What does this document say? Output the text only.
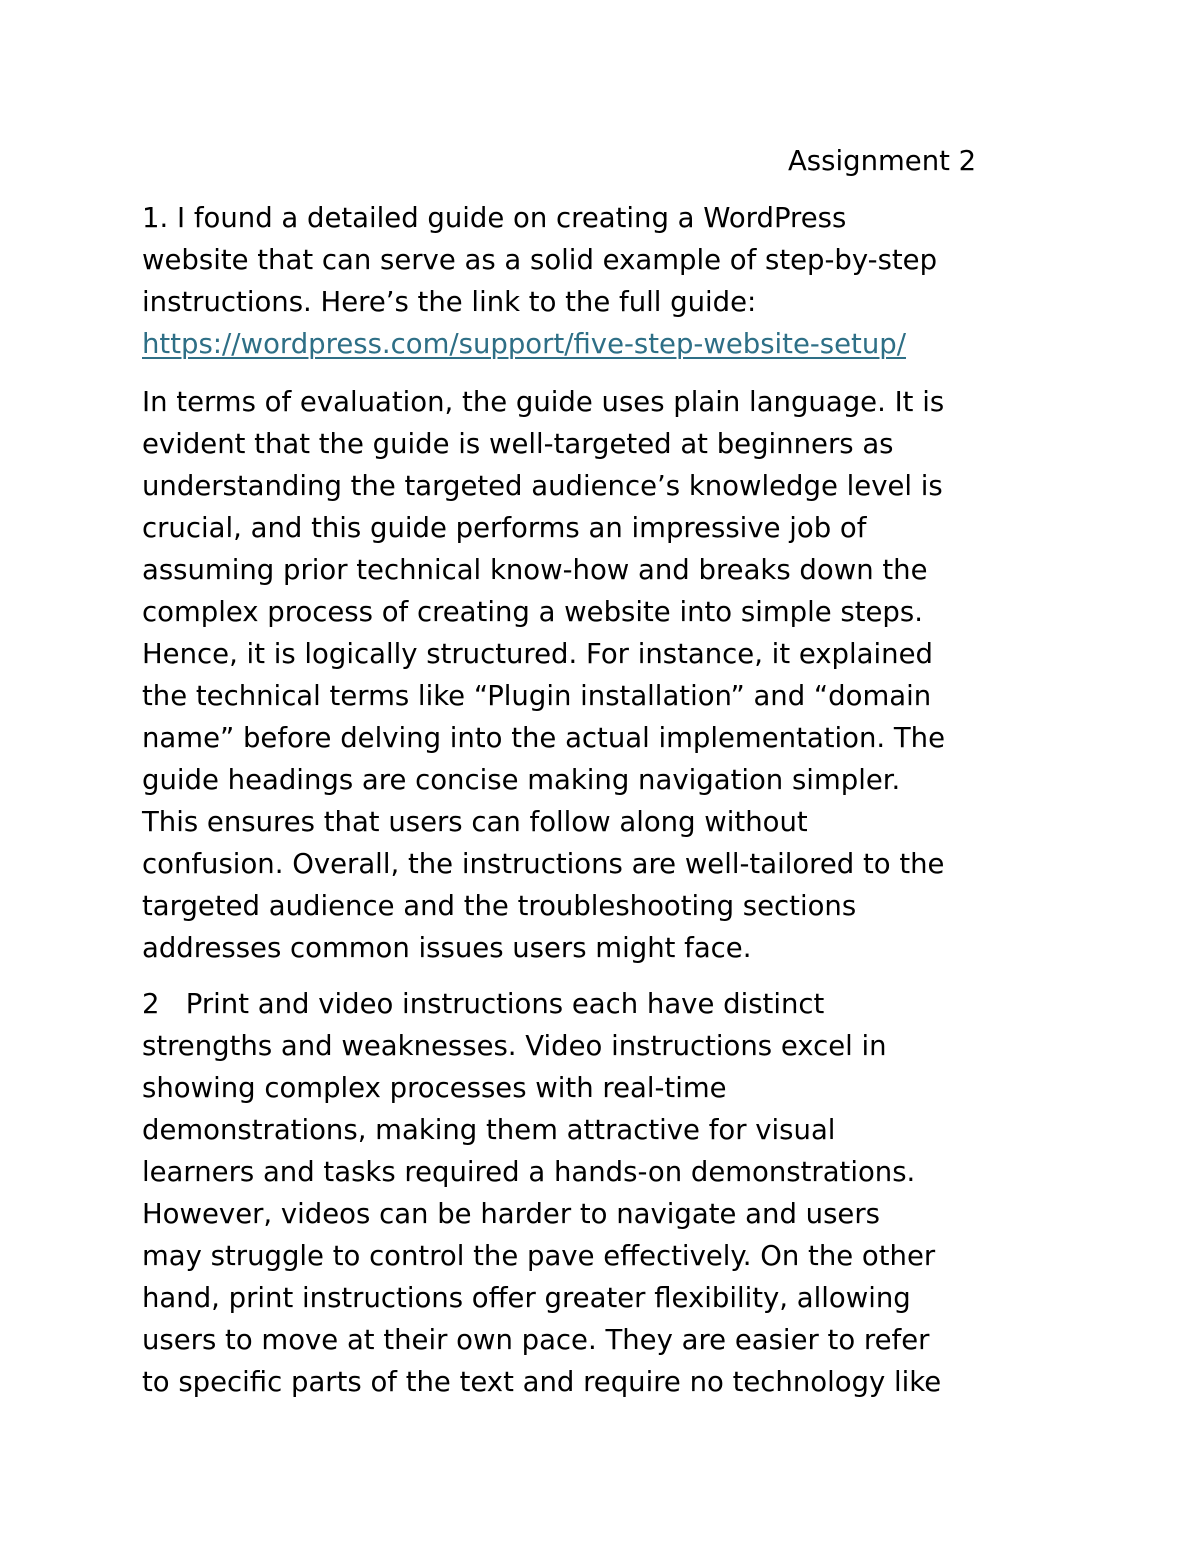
Assignment 2
1. I found a detailed guide on creating a WordPress
website that can serve as a solid example of step-by-step
instructions. Here’s the link to the full guide:
https://wordpress.com/support/five-step-website-setup/
In terms of evaluation, the guide uses plain language. It is
evident that the guide is well-targeted at beginners as
understanding the targeted audience’s knowledge level is
crucial, and this guide performs an impressive job of
assuming prior technical know-how and breaks down the
complex process of creating a website into simple steps.
Hence, it is logically structured. For instance, it explained
the technical terms like “Plugin installation” and “domain
name” before delving into the actual implementation. The
guide headings are concise making navigation simpler.
This ensures that users can follow along without
confusion. Overall, the instructions are well-tailored to the
targeted audience and the troubleshooting sections
addresses common issues users might face.
2   Print and video instructions each have distinct
strengths and weaknesses. Video instructions excel in
showing complex processes with real-time
demonstrations, making them attractive for visual
learners and tasks required a hands-on demonstrations.
However, videos can be harder to navigate and users
may struggle to control the pave effectively. On the other
hand, print instructions offer greater flexibility, allowing
users to move at their own pace. They are easier to refer
to specific parts of the text and require no technology like
